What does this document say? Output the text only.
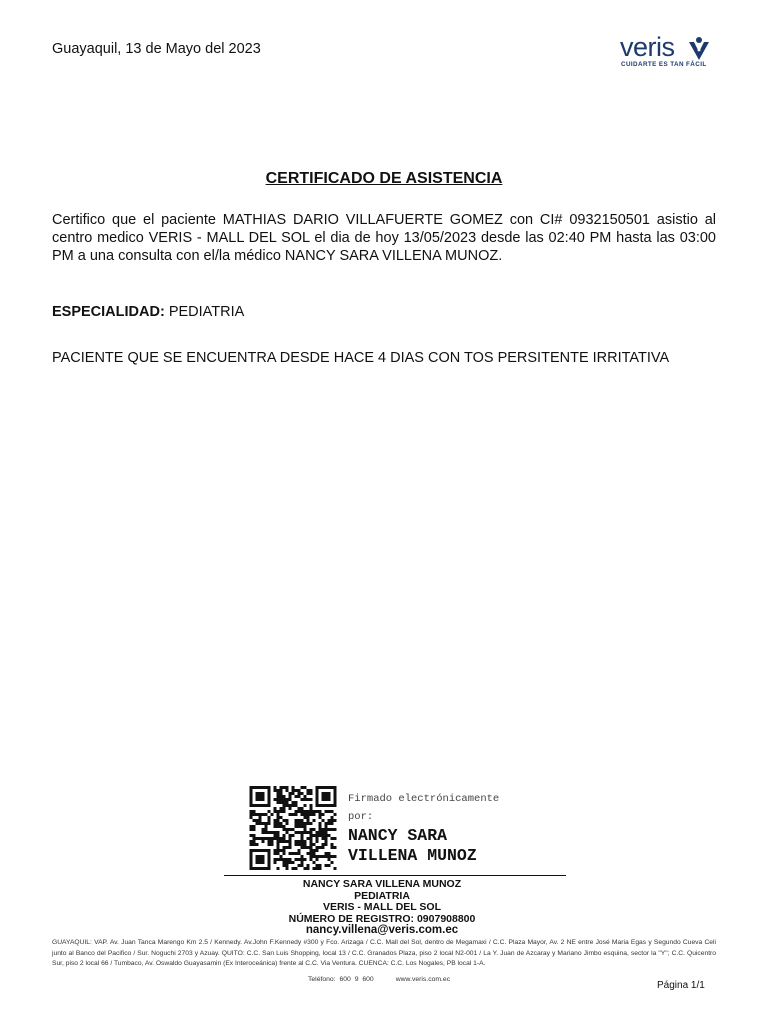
Guayaquil, 13 de Mayo del 2023	veris
CUIDARTE ES TAN FÁCIL
CERTIFICADO DE ASISTENCIA
Certifico que el paciente MATHIAS DARIO VILLAFUERTE GOMEZ con CI# 0932150501 asistio al centro medico VERIS - MALL DEL SOL el dia de hoy 13/05/2023 desde las 02:40 PM hasta las 03:00 PM a una consulta con el/la médico NANCY SARA VILLENA MUNOZ.
ESPECIALIDAD: PEDIATRIA
PACIENTE QUE SE ENCUENTRA DESDE HACE 4 DIAS CON TOS PERSITENTE IRRITATIVA
Firmado electrónicamente
por:
NANCY SARA
VILLENA MUNOZ
NANCY SARA VILLENA MUNOZ
PEDIATRIA
VERIS - MALL DEL SOL
NÚMERO DE REGISTRO: 0907908800
nancy.villena@veris.com.ec
GUAYAQUIL: VAP. Av. Juan Tanca Marengo Km 2.5 / Kennedy. Av.John F.Kennedy #300 y Fco. Arizaga / C.C. Mall del Sol, dentro de Megamaxi / C.C. Plaza Mayor, Av. 2 NE entre José Maria Egas y Segundo Cueva Celi junto al Banco del Pacifico / Sur. Noguchi 2703 y Azuay. QUITO: C.C. San Luis Shopping, local 13 / C.C. Granados Plaza, piso 2 local N2-001 / La Y. Juan de Azcaray y Mariano Jimbo esquina, sector la "Y"; C.C. Quicentro Sur, piso 2 local 66 / Tumbaco, Av. Oswaldo Guayasamin (Ex Interoceánica) frente al C.C. Via Ventura. CUENCA: C.C. Los Nogales, PB local 1-A.
Teléfono: 600 9 600	www.veris.com.ec
Página 1/1
